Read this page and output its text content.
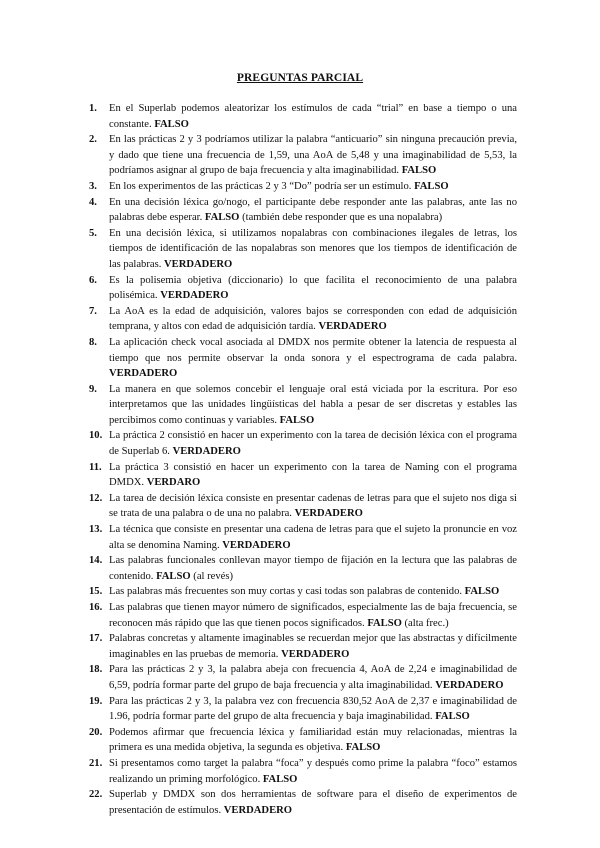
PREGUNTAS PARCIAL
1.	En el Superlab podemos aleatorizar los estímulos de cada “trial” en base a tiempo o una constante. FALSO
2.	En las prácticas 2 y 3 podríamos utilizar la palabra “anticuario” sin ninguna precaución previa, y dado que tiene una frecuencia de 1,59, una AoA de 5,48 y una imaginabilidad de 5,53, la podríamos asignar al grupo de baja frecuencia y alta imaginabilidad. FALSO
3.	En los experimentos de las prácticas 2 y 3 “Do” podría ser un estímulo. FALSO
4.	En una decisión léxica go/nogo, el participante debe responder ante las palabras, ante las no palabras debe esperar. FALSO (también debe responder que es una nopalabra)
5.	En una decisión léxica, si utilizamos nopalabras con combinaciones ilegales de letras, los tiempos de identificación de las nopalabras son menores que los tiempos de identificación de las palabras. VERDADERO
6.	Es la polisemia objetiva (diccionario) lo que facilita el reconocimiento de una palabra polisémica. VERDADERO
7.	La AoA es la edad de adquisición, valores bajos se corresponden con edad de adquisición temprana, y altos con edad de adquisición tardía. VERDADERO
8.	La aplicación check vocal asociada al DMDX nos permite obtener la latencia de respuesta al tiempo que nos permite observar la onda sonora y el espectrograma de cada palabra. VERDADERO
9.	La manera en que solemos concebir el lenguaje oral está viciada por la escritura. Por eso interpretamos que las unidades lingüísticas del habla a pesar de ser discretas y estables las percibimos como continuas y variables. FALSO
10. La práctica 2 consistió en hacer un experimento con la tarea de decisión léxica con el programa de Superlab 6. VERDADERO
11. La práctica 3 consistió en hacer un experimento con la tarea de Naming con el programa DMDX. VERDARO
12. La tarea de decisión léxica consiste en presentar cadenas de letras para que el sujeto nos diga si se trata de una palabra o de una no palabra. VERDADERO
13. La técnica que consiste en presentar una cadena de letras para que el sujeto la pronuncie en voz alta se denomina Naming. VERDADERO
14. Las palabras funcionales conllevan mayor tiempo de fijación en la lectura que las palabras de contenido. FALSO (al revés)
15. Las palabras más frecuentes son muy cortas y casi todas son palabras de contenido. FALSO
16. Las palabras que tienen mayor número de significados, especialmente las de baja frecuencia, se reconocen más rápido que las que tienen pocos significados. FALSO (alta frec.)
17. Palabras concretas y altamente imaginables se recuerdan mejor que las abstractas y difícilmente imaginables en las pruebas de memoria. VERDADERO
18. Para las prácticas 2 y 3, la palabra abeja con frecuencia 4, AoA de 2,24 e imaginabilidad de 6,59, podría formar parte del grupo de baja frecuencia y alta imaginabilidad. VERDADERO
19. Para las prácticas 2 y 3, la palabra vez con frecuencia 830,52 AoA de 2,37 e imaginabilidad de 1.96, podría formar parte del grupo de alta frecuencia y baja imaginabilidad. FALSO
20. Podemos afirmar que frecuencia léxica y familiaridad están muy relacionadas, mientras la primera es una medida objetiva, la segunda es objetiva. FALSO
21. Si presentamos como target la palabra “foca” y después como prime la palabra “foco” estamos realizando un priming morfológico. FALSO
22. Superlab y DMDX son dos herramientas de software para el diseño de experimentos de presentación de estímulos. VERDADERO
